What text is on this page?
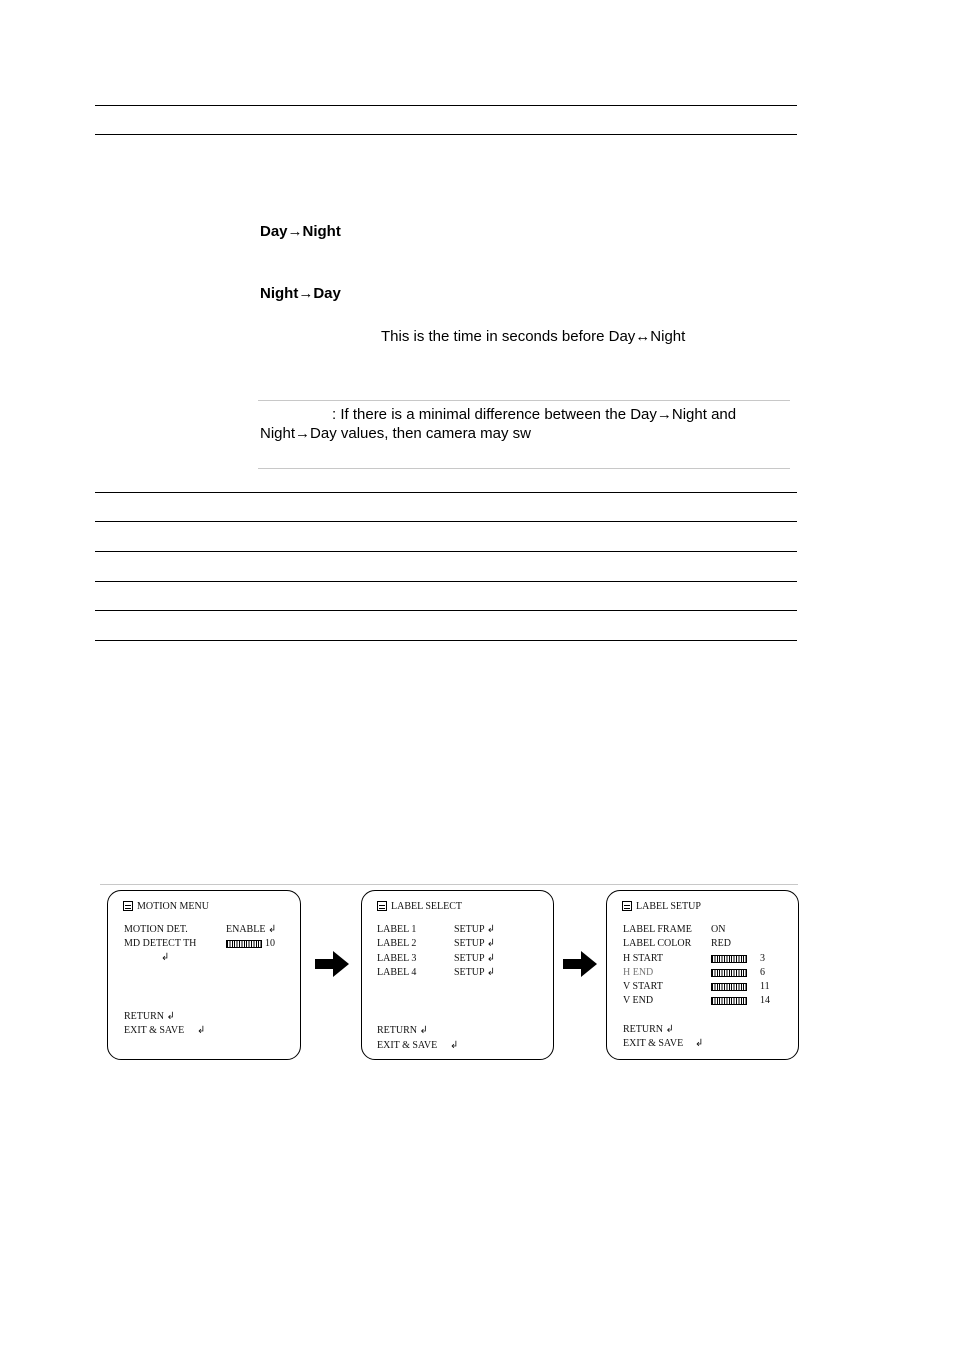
Day→Night
Night→Day
This is the time in seconds before Day↔Night
: If there is a minimal difference between the Day→Night and
Night→Day values, then camera may sw
MOTION MENU
MOTION DET.	ENABLE ↲
MD DETECT TH	10
↲
RETURN ↲
EXIT & SAVE ↲
LABEL SELECT
LABEL 1	SETUP ↲
LABEL 2	SETUP ↲
LABEL 3	SETUP ↲
LABEL 4	SETUP ↲
RETURN ↲
EXIT & SAVE ↲
LABEL SETUP
LABEL FRAME ON
LABEL COLOR RED
H START	3
H END	6
V START	11
V END	14
RETURN ↲
EXIT & SAVE ↲
